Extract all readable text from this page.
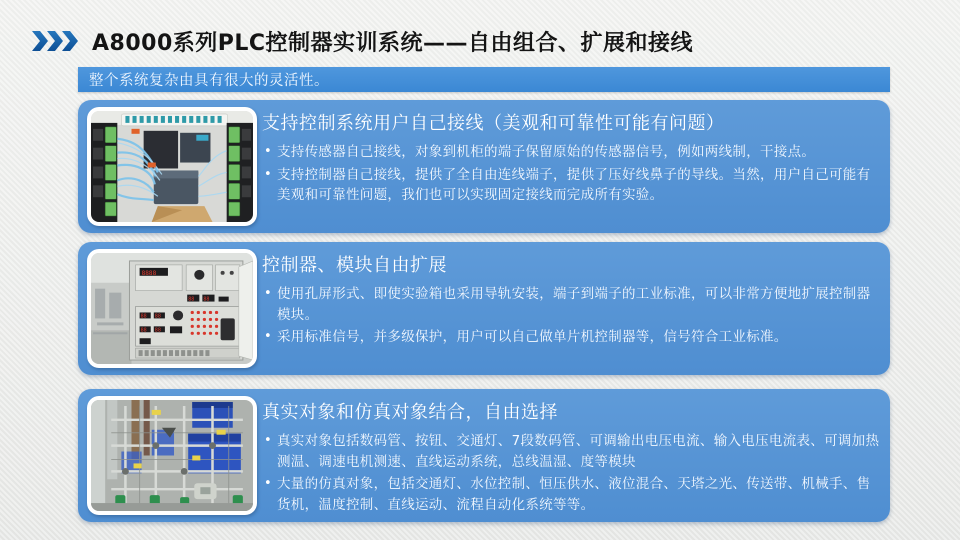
A8000系列PLC控制器实训系统——自由组合、扩展和接线
整个系统复杂由具有很大的灵活性。
支持控制系统用户自己接线（美观和可靠性可能有问题）
• 支持传感器自己接线，对象到机柜的端子保留原始的传感器信号，例如两线制，干接点。
• 支持控制器自己接线，提供了全自由连线端子，提供了压好线鼻子的导线。当然，用户自己可能有美观和可靠性问题，我们也可以实现固定接线而完成所有实验。
8888
88 88
88 88
88 88
控制器、模块自由扩展
• 使用孔屏形式、即使实验箱也采用导轨安装，端子到端子的工业标准，可以非常方便地扩展控制器模块。
• 采用标准信号，并多级保护，用户可以自己做单片机控制器等，信号符合工业标准。
真实对象和仿真对象结合，自由选择
• 真实对象包括数码管、按钮、交通灯、7段数码管、可调输出电压电流、输入电压电流表、可调加热测温、调速电机测速、直线运动系统，总线温湿、度等模块
• 大量的仿真对象，包括交通灯、水位控制、恒压供水、液位混合、天塔之光、传送带、机械手、售货机，温度控制、直线运动、流程自动化系统等等。
